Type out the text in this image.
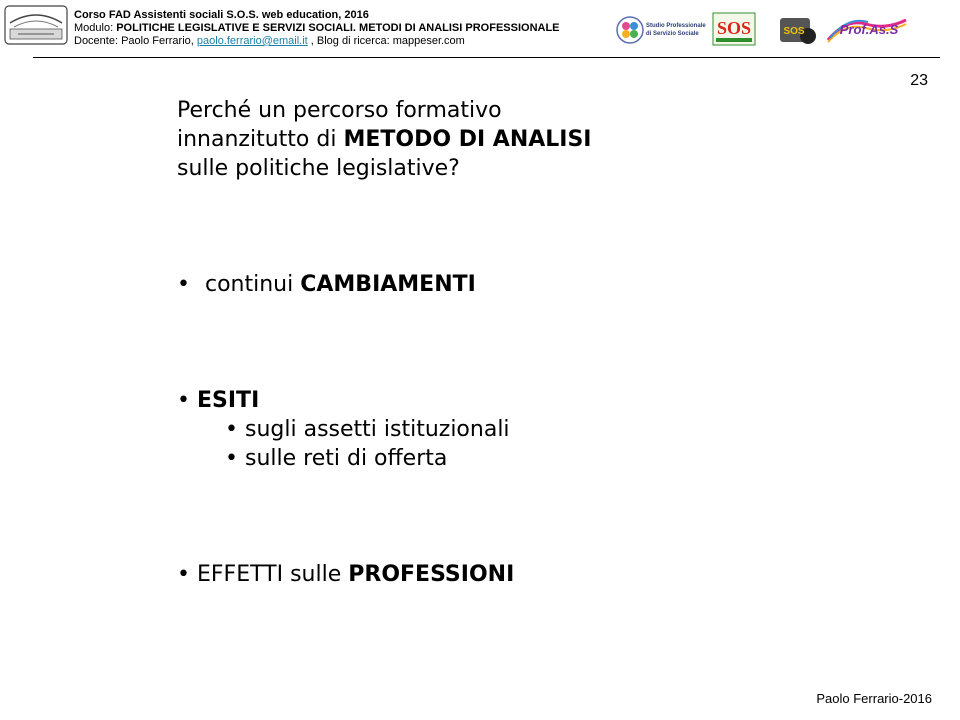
Corso FAD Assistenti sociali S.O.S. web education, 2016
Modulo: POLITICHE LEGISLATIVE E SERVIZI SOCIALI. METODI DI ANALISI PROFESSIONALE
Docente: Paolo Ferrario, paolo.ferrario@email.it , Blog di ricerca: mappeser.com
Studio Professionale
di Servizio Sociale SOS	SOS	Prof.As.S
23
Perché un percorso formativo
innanzitutto di METODO DI ANALISI
sulle politiche legislative?
• continui CAMBIAMENTI
• ESITI
• sugli assetti istituzionali
• sulle reti di offerta
• EFFETTI sulle PROFESSIONI
Paolo Ferrario-2016
